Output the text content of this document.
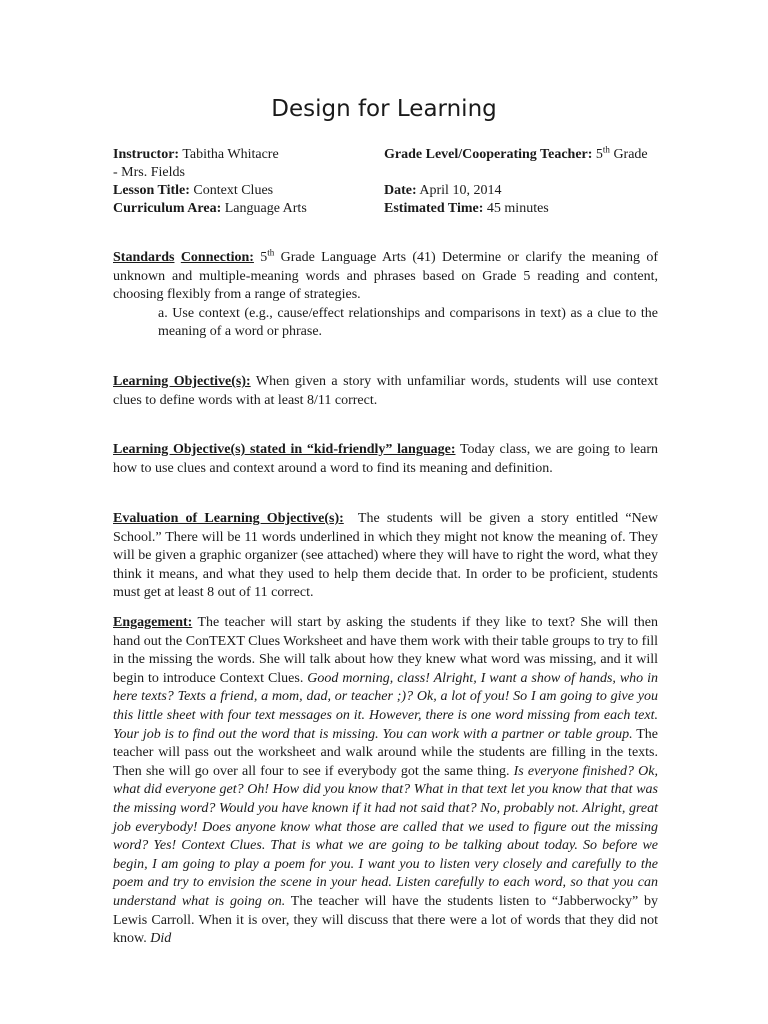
Design for Learning
Instructor: Tabitha Whitacre	Grade Level/Cooperating Teacher: 5th Grade
- Mrs. Fields
Lesson Title: Context Clues	Date: April 10, 2014
Curriculum Area: Language Arts	Estimated Time: 45 minutes

Standards Connection: 5th Grade Language Arts (41) Determine or clarify the meaning of unknown and multiple-meaning words and phrases based on Grade 5 reading and content, choosing flexibly from a range of strategies.

a. Use context (e.g., cause/effect relationships and comparisons in text) as a clue to the meaning of a word or phrase.

Learning Objective(s): When given a story with unfamiliar words, students will use context clues to define words with at least 8/11 correct.

Learning Objective(s) stated in “kid-friendly” language: Today class, we are going to learn how to use clues and context around a word to find its meaning and definition.

Evaluation of Learning Objective(s): The students will be given a story entitled “New School.” There will be 11 words underlined in which they might not know the meaning of. They will be given a graphic organizer (see attached) where they will have to right the word, what they think it means, and what they used to help them decide that. In order to be proficient, students must get at least 8 out of 11 correct.

Engagement: The teacher will start by asking the students if they like to text? She will then hand out the ConTEXT Clues Worksheet and have them work with their table groups to try to fill in the missing the words. She will talk about how they knew what word was missing, and it will begin to introduce Context Clues. Good morning, class! Alright, I want a show of hands, who in here texts? Texts a friend, a mom, dad, or teacher ;)? Ok, a lot of you! So I am going to give you this little sheet with four text messages on it. However, there is one word missing from each text. Your job is to find out the word that is missing. You can work with a partner or table group. The teacher will pass out the worksheet and walk around while the students are filling in the texts. Then she will go over all four to see if everybody got the same thing. Is everyone finished? Ok, what did everyone get? Oh! How did you know that? What in that text let you know that that was the missing word? Would you have known if it had not said that? No, probably not. Alright, great job everybody! Does anyone know what those are called that we used to figure out the missing word? Yes! Context Clues. That is what we are going to be talking about today. So before we begin, I am going to play a poem for you. I want you to listen very closely and carefully to the poem and try to envision the scene in your head. Listen carefully to each word, so that you can understand what is going on. The teacher will have the students listen to “Jabberwocky” by Lewis Carroll. When it is over, they will discuss that there were a lot of words that they did not know. Did
